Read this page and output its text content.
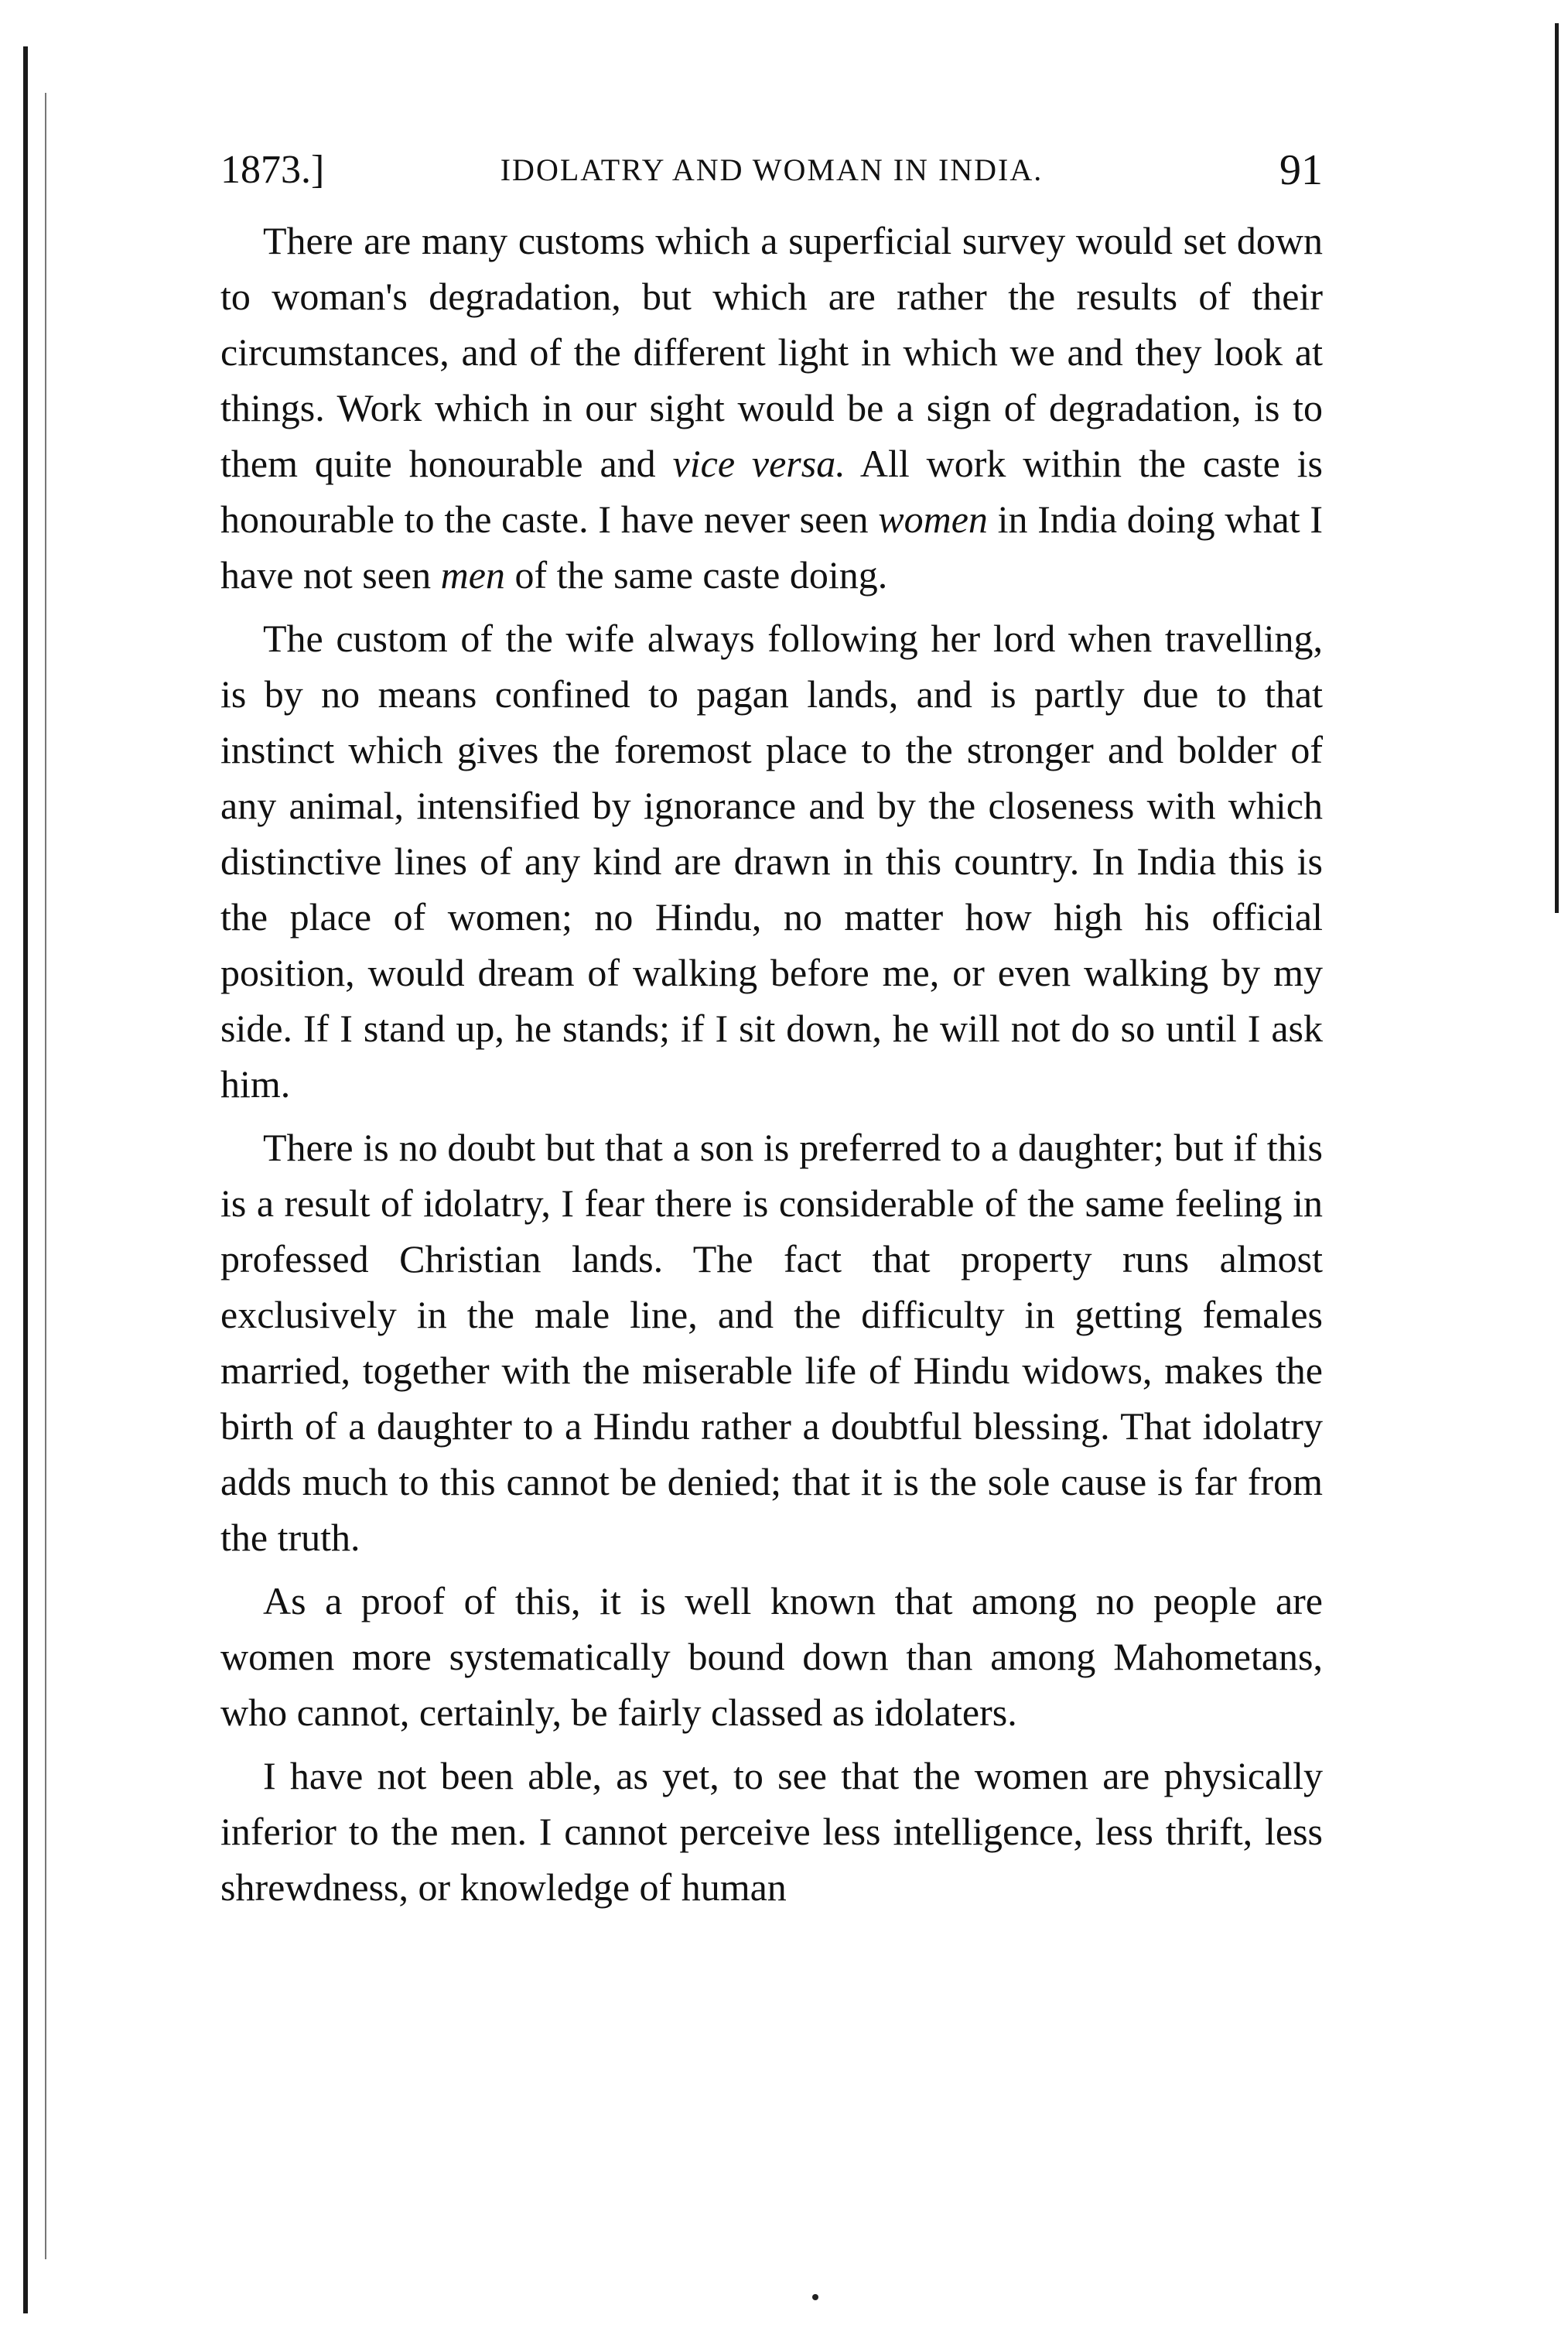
1873.]	IDOLATRY AND WOMAN IN INDIA.	91

There are many customs which a superficial survey would set down to woman's degradation, but which are rather the results of their circumstances, and of the different light in which we and they look at things. Work which in our sight would be a sign of degradation, is to them quite honourable and vice versa. All work within the caste is honourable to the caste. I have never seen women in India doing what I have not seen men of the same caste doing.

The custom of the wife always following her lord when travelling, is by no means confined to pagan lands, and is partly due to that instinct which gives the foremost place to the stronger and bolder of any animal, intensified by ignorance and by the closeness with which distinctive lines of any kind are drawn in this country. In India this is the place of women; no Hindu, no matter how high his official position, would dream of walking before me, or even walking by my side. If I stand up, he stands; if I sit down, he will not do so until I ask him.

There is no doubt but that a son is preferred to a daughter; but if this is a result of idolatry, I fear there is considerable of the same feeling in professed Christian lands. The fact that property runs almost exclusively in the male line, and the difficulty in getting females married, together with the miserable life of Hindu widows, makes the birth of a daughter to a Hindu rather a doubtful blessing. That idolatry adds much to this cannot be denied; that it is the sole cause is far from the truth.

As a proof of this, it is well known that among no people are women more systematically bound down than among Mahometans, who cannot, certainly, be fairly classed as idolaters.

I have not been able, as yet, to see that the women are physically inferior to the men. I cannot perceive less intelligence, less thrift, less shrewdness, or knowledge of human
